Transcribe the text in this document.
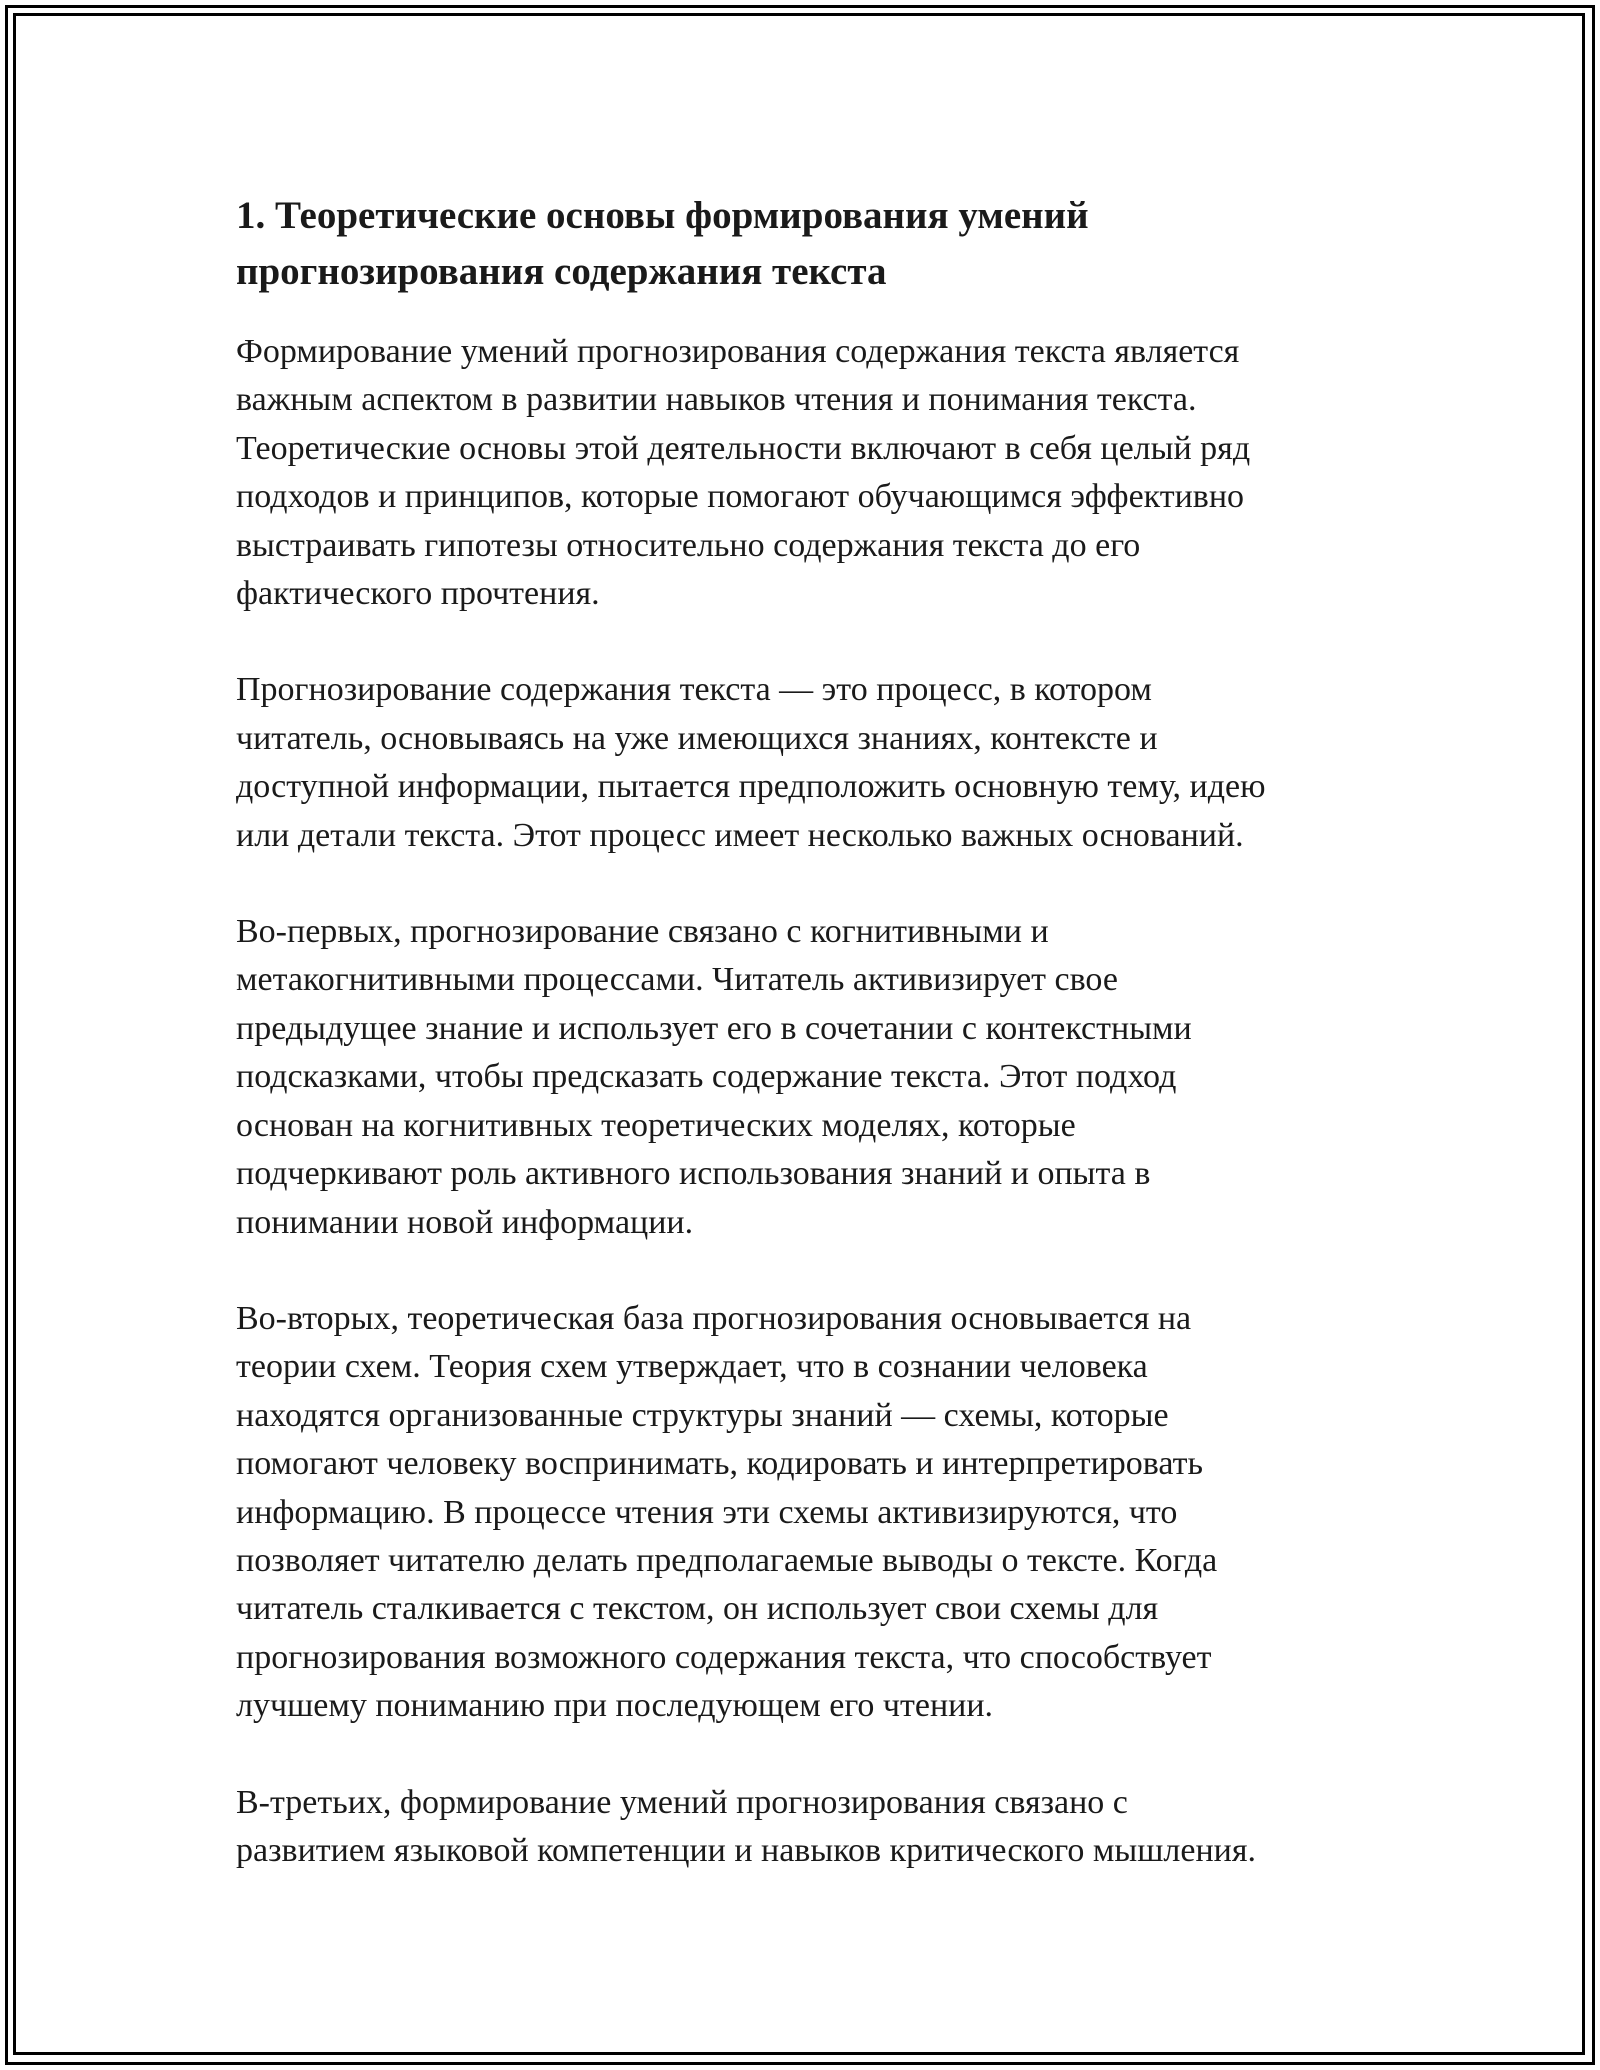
1. Теоретические основы формирования умений
прогнозирования содержания текста

Формирование умений прогнозирования содержания текста является
важным аспектом в развитии навыков чтения и понимания текста.
Теоретические основы этой деятельности включают в себя целый ряд
подходов и принципов, которые помогают обучающимся эффективно
выстраивать гипотезы относительно содержания текста до его
фактического прочтения.

Прогнозирование содержания текста — это процесс, в котором
читатель, основываясь на уже имеющихся знаниях, контексте и
доступной информации, пытается предположить основную тему, идею
или детали текста. Этот процесс имеет несколько важных оснований.

Во-первых, прогнозирование связано с когнитивными и
метакогнитивными процессами. Читатель активизирует свое
предыдущее знание и использует его в сочетании с контекстными
подсказками, чтобы предсказать содержание текста. Этот подход
основан на когнитивных теоретических моделях, которые
подчеркивают роль активного использования знаний и опыта в
понимании новой информации.

Во-вторых, теоретическая база прогнозирования основывается на
теории схем. Теория схем утверждает, что в сознании человека
находятся организованные структуры знаний — схемы, которые
помогают человеку воспринимать, кодировать и интерпретировать
информацию. В процессе чтения эти схемы активизируются, что
позволяет читателю делать предполагаемые выводы о тексте. Когда
читатель сталкивается с текстом, он использует свои схемы для
прогнозирования возможного содержания текста, что способствует
лучшему пониманию при последующем его чтении.

В-третьих, формирование умений прогнозирования связано с
развитием языковой компетенции и навыков критического мышления.
